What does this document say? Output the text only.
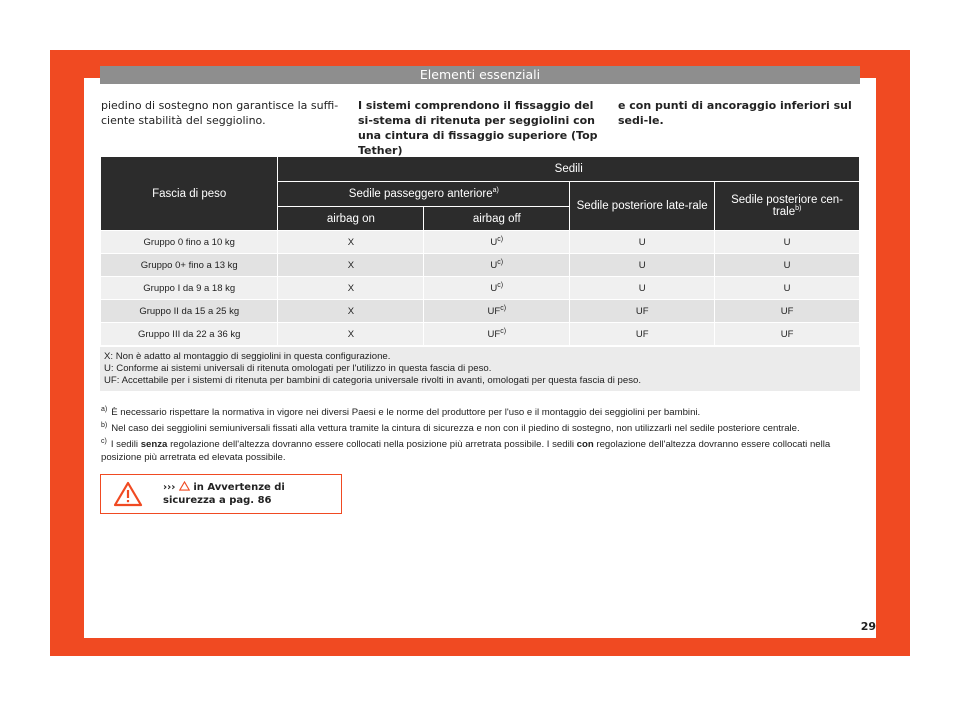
Elementi essenziali
piedino di sostegno non garantisce la suffi-ciente stabilità del seggiolino.
I sistemi comprendono il fissaggio del si-stema di ritenuta per seggiolini con una cintura di fissaggio superiore (Top Tether)
e con punti di ancoraggio inferiori sul sedi-le.
Fascia di peso	Sedili			
	Sedile passeggero anteriore$^{a)}$		Sedile posteriore late-rale	Sedile posteriore cen-trale$^{b)}$
	airbag on	airbag off		
Gruppo 0 fino a 10 kg	X	$U^{c)}$	U	U
Gruppo 0+ fino a 13 kg	X	$U^{c)}$	U	U
Gruppo I da 9 a 18 kg	X	$U^{c)}$	U	U
Gruppo II da 15 a 25 kg	X	UF$^{c)}$	UF	UF
Gruppo III da 22 a 36 kg	X	UF$^{c)}$	UF	UF
X: Non è adatto al montaggio di seggiolini in questa configurazione.
U: Conforme ai sistemi universali di ritenuta omologati per l'utilizzo in questa fascia di peso.
UF: Accettabile per i sistemi di ritenuta per bambini di categoria universale rivolti in avanti, omologati per questa fascia di peso.
$^{a)}$ È necessario rispettare la normativa in vigore nei diversi Paesi e le norme del produttore per l'uso e il montaggio dei seggiolini per bambini.
$^{b)}$ Nel caso dei seggiolini semiuniversali fissati alla vettura tramite la cintura di sicurezza e non con il piedino di sostegno, non utilizzarli nel sedile posteriore centrale.
$^{c)}$ I sedili senza regolazione dell'altezza dovranno essere collocati nella posizione più arretrata possibile. I sedili con regolazione dell'altezza dovranno essere collocati nella posizione più arretrata ed elevata possibile.
››› in Avvertenze di sicurezza a pag. 86
29
